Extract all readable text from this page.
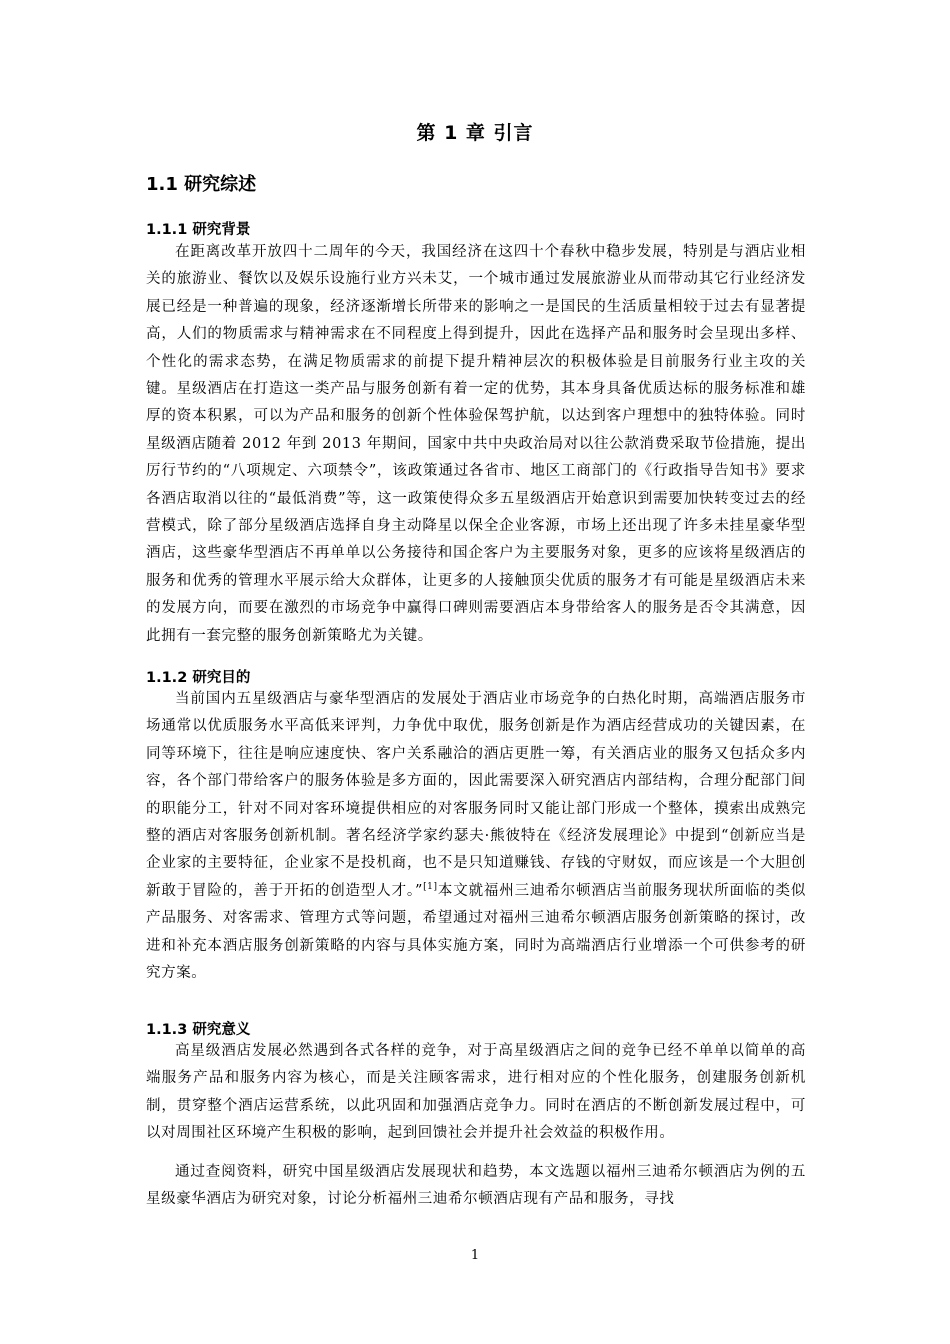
第 1 章 引言
1.1 研究综述
1.1.1 研究背景

在距离改革开放四十二周年的今天，我国经济在这四十个春秋中稳步发展，特别是与酒店业相关的旅游业、餐饮以及娱乐设施行业方兴未艾，一个城市通过发展旅游业从而带动其它行业经济发展已经是一种普遍的现象，经济逐渐增长所带来的影响之一是国民的生活质量相较于过去有显著提高，人们的物质需求与精神需求在不同程度上得到提升，因此在选择产品和服务时会呈现出多样、个性化的需求态势，在满足物质需求的前提下提升精神层次的积极体验是目前服务行业主攻的关键。星级酒店在打造这一类产品与服务创新有着一定的优势，其本身具备优质达标的服务标准和雄厚的资本积累，可以为产品和服务的创新个性体验保驾护航，以达到客户理想中的独特体验。同时星级酒店随着 2012 年到 2013 年期间，国家中共中央政治局对以往公款消费采取节俭措施，提出厉行节约的“八项规定、六项禁令”，该政策通过各省市、地区工商部门的《行政指导告知书》要求各酒店取消以往的“最低消费”等，这一政策使得众多五星级酒店开始意识到需要加快转变过去的经营模式，除了部分星级酒店选择自身主动降星以保全企业客源，市场上还出现了许多未挂星豪华型酒店，这些豪华型酒店不再单单以公务接待和国企客户为主要服务对象，更多的应该将星级酒店的服务和优秀的管理水平展示给大众群体，让更多的人接触顶尖优质的服务才有可能是星级酒店未来的发展方向，而要在激烈的市场竞争中赢得口碑则需要酒店本身带给客人的服务是否令其满意，因此拥有一套完整的服务创新策略尤为关键。

1.1.2 研究目的

当前国内五星级酒店与豪华型酒店的发展处于酒店业市场竞争的白热化时期，高端酒店服务市场通常以优质服务水平高低来评判，力争优中取优，服务创新是作为酒店经营成功的关键因素，在同等环境下，往往是响应速度快、客户关系融洽的酒店更胜一筹，有关酒店业的服务又包括众多内容，各个部门带给客户的服务体验是多方面的，因此需要深入研究酒店内部结构，合理分配部门间的职能分工，针对不同对客环境提供相应的对客服务同时又能让部门形成一个整体，摸索出成熟完整的酒店对客服务创新机制。著名经济学家约瑟夫·熊彼特在《经济发展理论》中提到“创新应当是企业家的主要特征，企业家不是投机商，也不是只知道赚钱、存钱的守财奴，而应该是一个大胆创新敢于冒险的，善于开拓的创造型人才。”[1]本文就福州三迪希尔顿酒店当前服务现状所面临的类似产品服务、对客需求、管理方式等问题，希望通过对福州三迪希尔顿酒店服务创新策略的探讨，改进和补充本酒店服务创新策略的内容与具体实施方案，同时为高端酒店行业增添一个可供参考的研究方案。

1.1.3 研究意义

高星级酒店发展必然遇到各式各样的竞争，对于高星级酒店之间的竞争已经不单单以简单的高端服务产品和服务内容为核心，而是关注顾客需求，进行相对应的个性化服务，创建服务创新机制，贯穿整个酒店运营系统，以此巩固和加强酒店竞争力。同时在酒店的不断创新发展过程中，可以对周围社区环境产生积极的影响，起到回馈社会并提升社会效益的积极作用。

通过查阅资料，研究中国星级酒店发展现状和趋势，本文选题以福州三迪希尔顿酒店为例的五星级豪华酒店为研究对象，讨论分析福州三迪希尔顿酒店现有产品和服务，寻找

1
